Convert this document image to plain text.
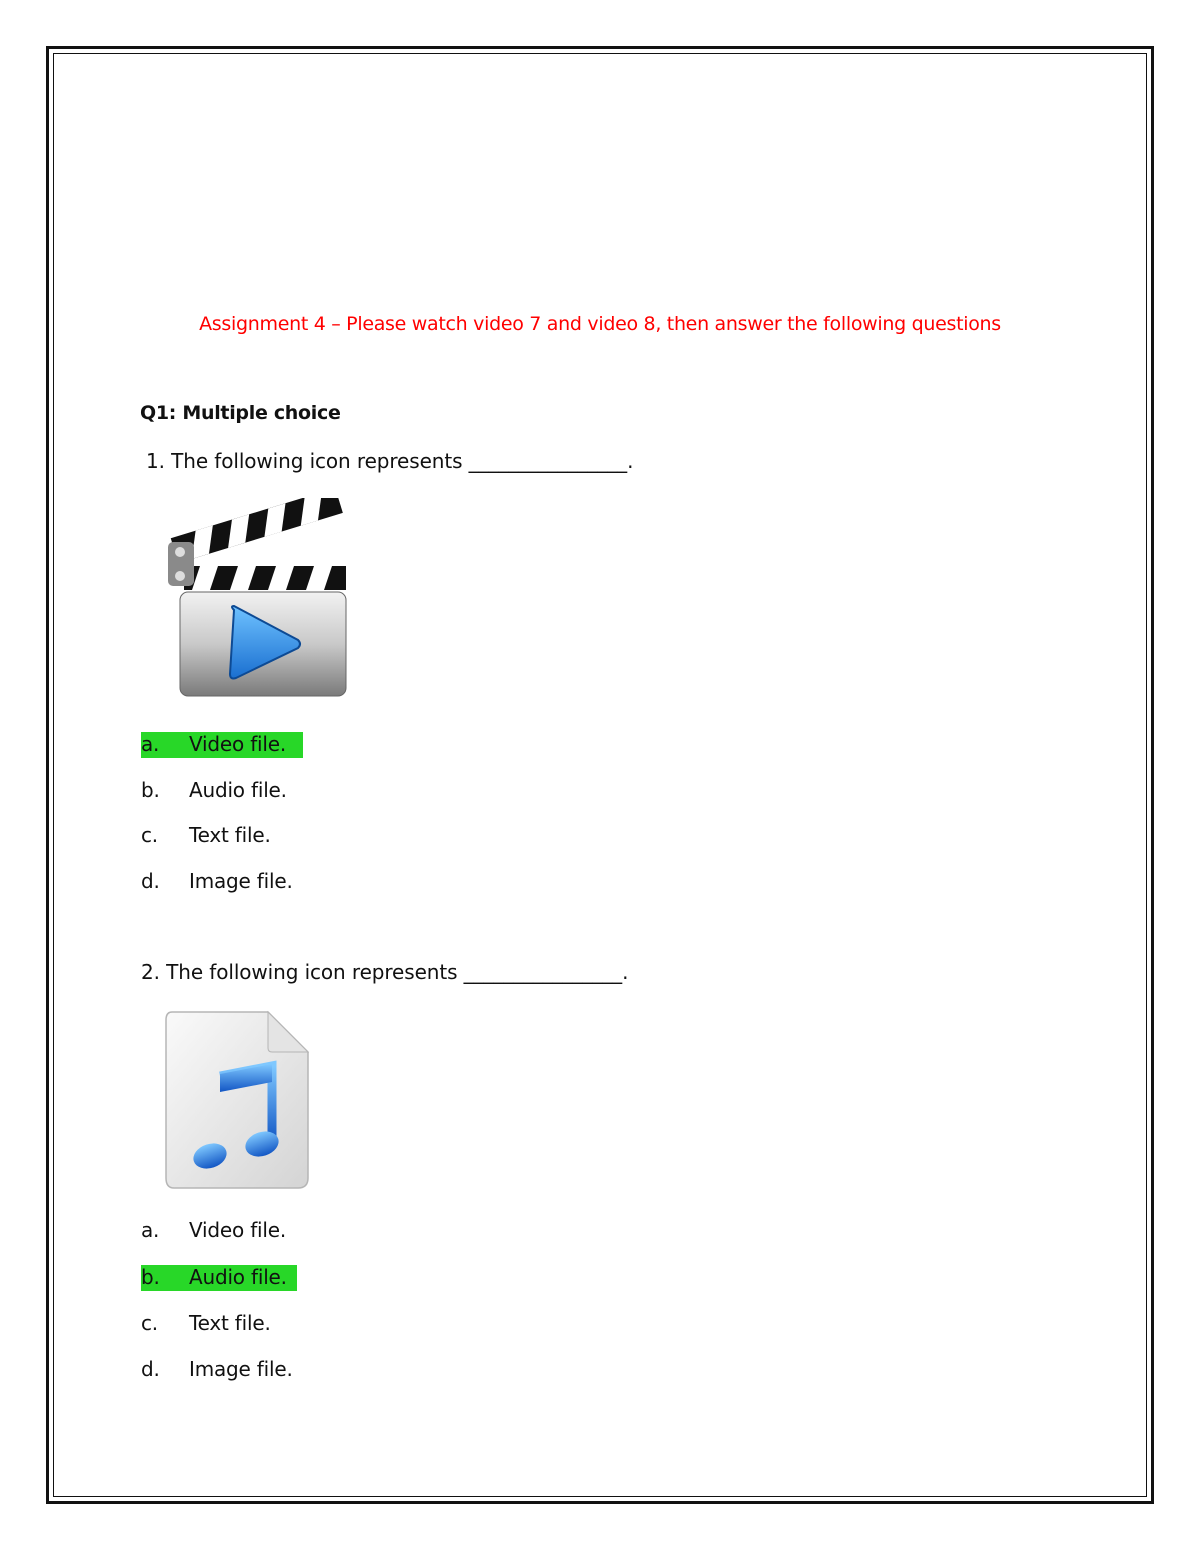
Assignment 4 – Please watch video 7 and video 8, then answer the following questions
Q1: Multiple choice
1. The following icon represents ________________.
a. Video file.
b. Audio file.
c. Text file.
d. Image file.
2. The following icon represents ________________.
a. Video file.
b. Audio file.
c. Text file.
d. Image file.
